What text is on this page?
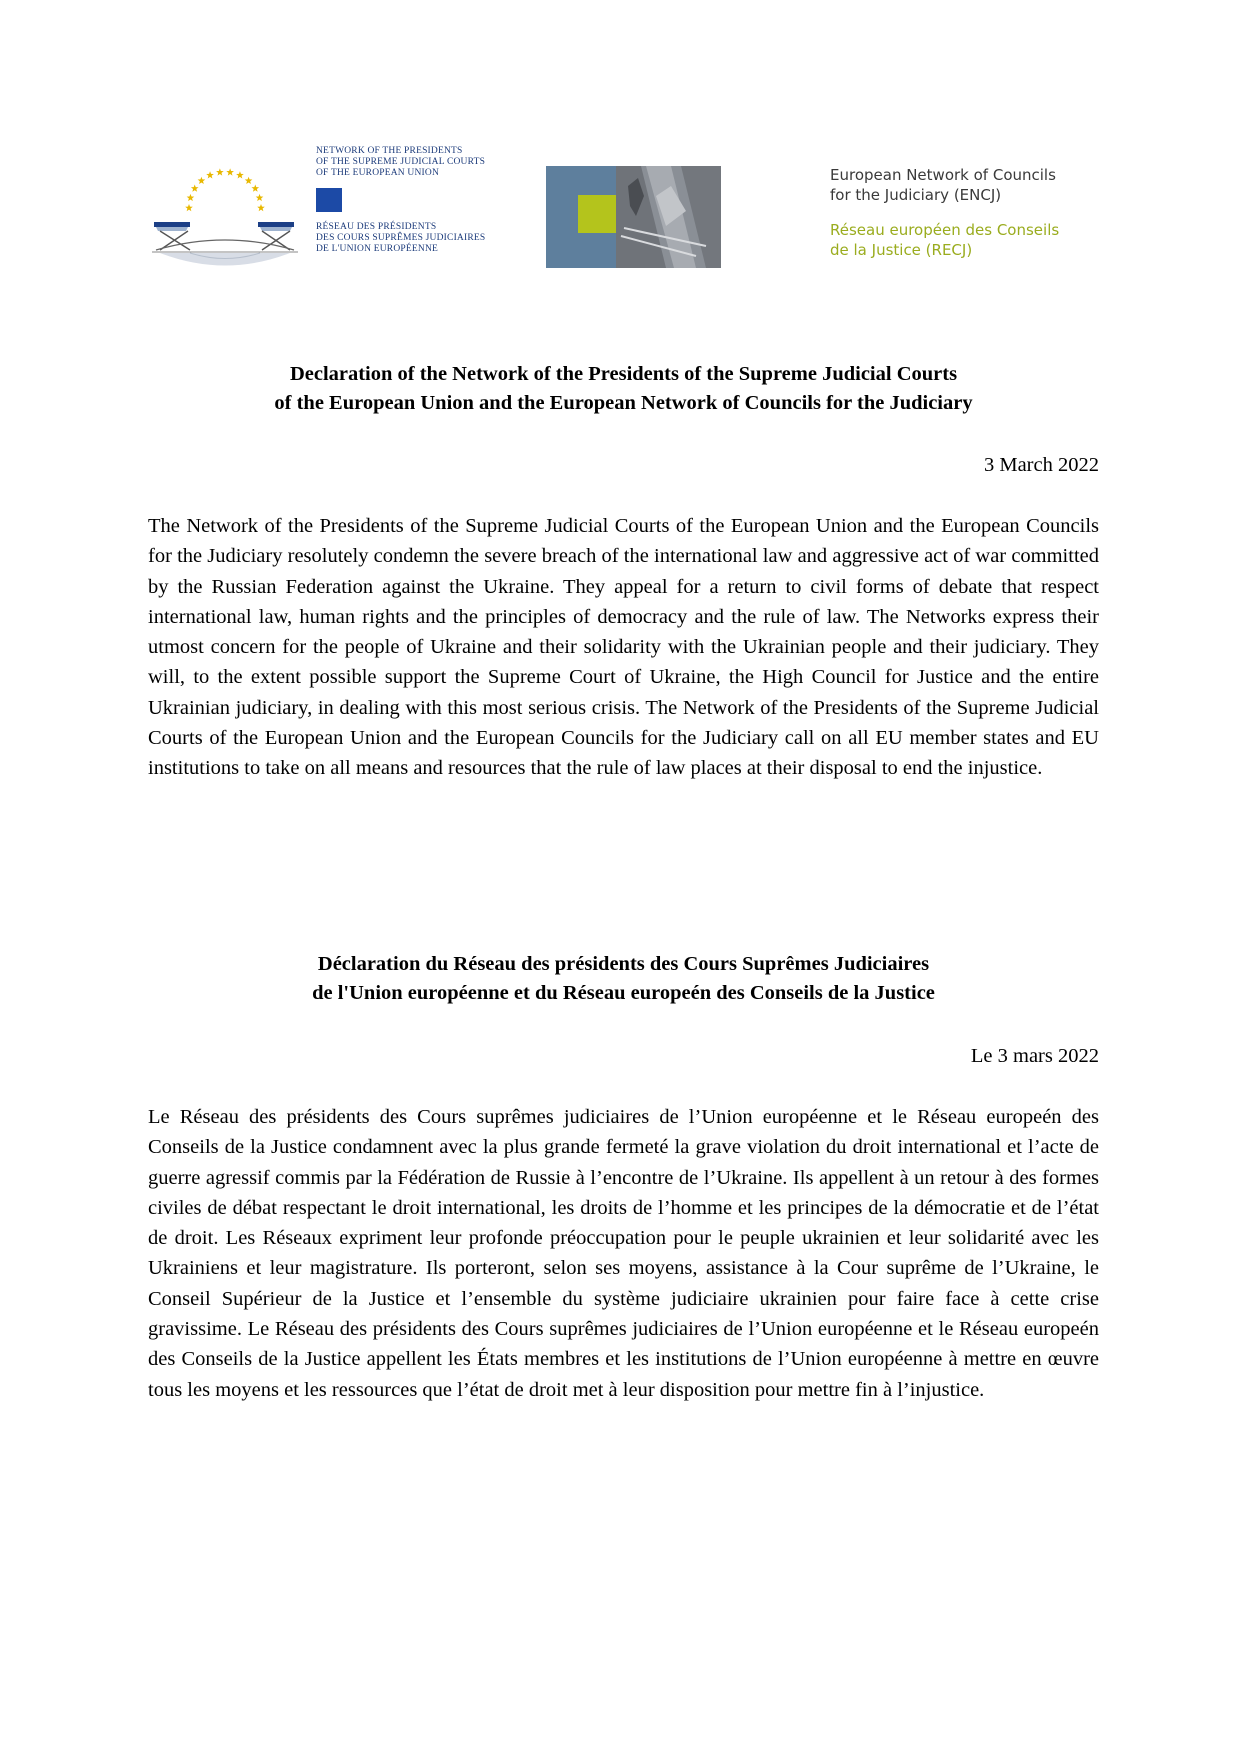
NETWORK OF THE PRESIDENTS
OF THE SUPREME JUDICIAL COURTS
OF THE EUROPEAN UNION
RÉSEAU DES PRÉSIDENTS
DES COURS SUPRÊMES JUDICIAIRES
DE L'UNION EUROPÉENNE
European Network of Councils
for the Judiciary (ENCJ)
Réseau européen des Conseils
de la Justice (RECJ)
Declaration of the Network of the Presidents of the Supreme Judicial Courts
of the European Union and the European Network of Councils for the Judiciary
3 March 2022
The Network of the Presidents of the Supreme Judicial Courts of the European Union and the European Councils for the Judiciary resolutely condemn the severe breach of the international law and aggressive act of war committed by the Russian Federation against the Ukraine. They appeal for a return to civil forms of debate that respect international law, human rights and the principles of democracy and the rule of law. The Networks express their utmost concern for the people of Ukraine and their solidarity with the Ukrainian people and their judiciary. They will, to the extent possible support the Supreme Court of Ukraine, the High Council for Justice and the entire Ukrainian judiciary, in dealing with this most serious crisis. The Network of the Presidents of the Supreme Judicial Courts of the European Union and the European Councils for the Judiciary call on all EU member states and EU institutions to take on all means and resources that the rule of law places at their disposal to end the injustice.
Déclaration du Réseau des présidents des Cours Suprêmes Judiciaires
de l'Union européenne et du Réseau europeén des Conseils de la Justice
Le 3 mars 2022
Le Réseau des présidents des Cours suprêmes judiciaires de l’Union européenne et le Réseau europeén des Conseils de la Justice condamnent avec la plus grande fermeté la grave violation du droit international et l’acte de guerre agressif commis par la Fédération de Russie à l’encontre de l’Ukraine. Ils appellent à un retour à des formes civiles de débat respectant le droit international, les droits de l’homme et les principes de la démocratie et de l’état de droit. Les Réseaux expriment leur profonde préoccupation pour le peuple ukrainien et leur solidarité avec les Ukrainiens et leur magistrature. Ils porteront, selon ses moyens, assistance à la Cour suprême de l’Ukraine, le Conseil Supérieur de la Justice et l’ensemble du système judiciaire ukrainien pour faire face à cette crise gravissime. Le Réseau des présidents des Cours suprêmes judiciaires de l’Union européenne et le Réseau europeén des Conseils de la Justice appellent les États membres et les institutions de l’Union européenne à mettre en œuvre tous les moyens et les ressources que l’état de droit met à leur disposition pour mettre fin à l’injustice.
